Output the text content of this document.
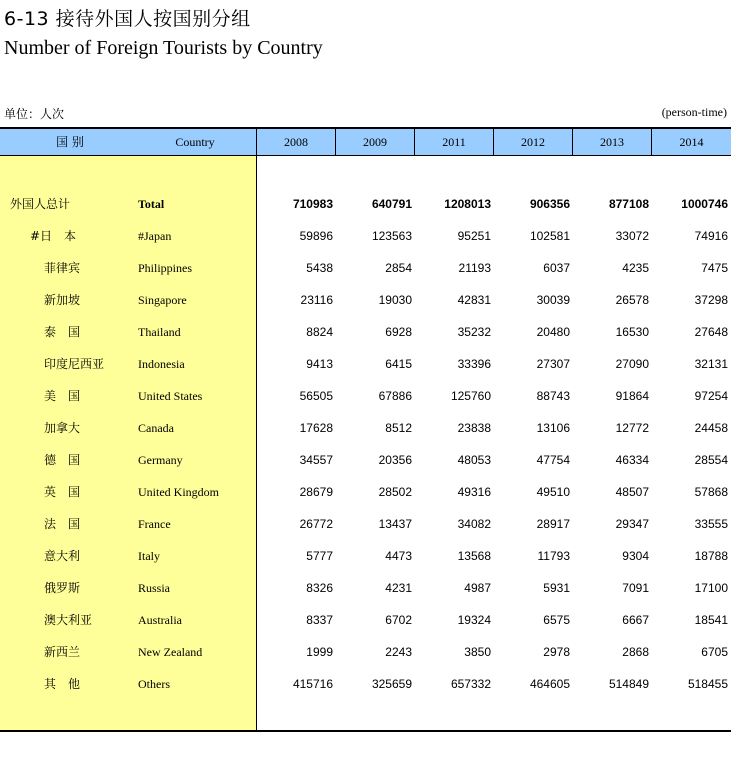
6-13 接待外国人按国别分组
Number of Foreign Tourists by Country
单位：人次	(person-time)
国 别	Country	2008	2009	2011	2012	2013	2014
外国人总计	Total	710983	640791	1208013	906356	877108	1000746
#日　本	#Japan	59896	123563	95251	102581	33072	74916
菲律宾	Philippines	5438	2854	21193	6037	4235	7475
新加坡	Singapore	23116	19030	42831	30039	26578	37298
泰　国	Thailand	8824	6928	35232	20480	16530	27648
印度尼西亚	Indonesia	9413	6415	33396	27307	27090	32131
美　国	United States	56505	67886	125760	88743	91864	97254
加拿大	Canada	17628	8512	23838	13106	12772	24458
德　国	Germany	34557	20356	48053	47754	46334	28554
英　国	United Kingdom	28679	28502	49316	49510	48507	57868
法　国	France	26772	13437	34082	28917	29347	33555
意大利	Italy	5777	4473	13568	11793	9304	18788
俄罗斯	Russia	8326	4231	4987	5931	7091	17100
澳大利亚	Australia	8337	6702	19324	6575	6667	18541
新西兰	New Zealand	1999	2243	3850	2978	2868	6705
其　他	Others	415716	325659	657332	464605	514849	518455
